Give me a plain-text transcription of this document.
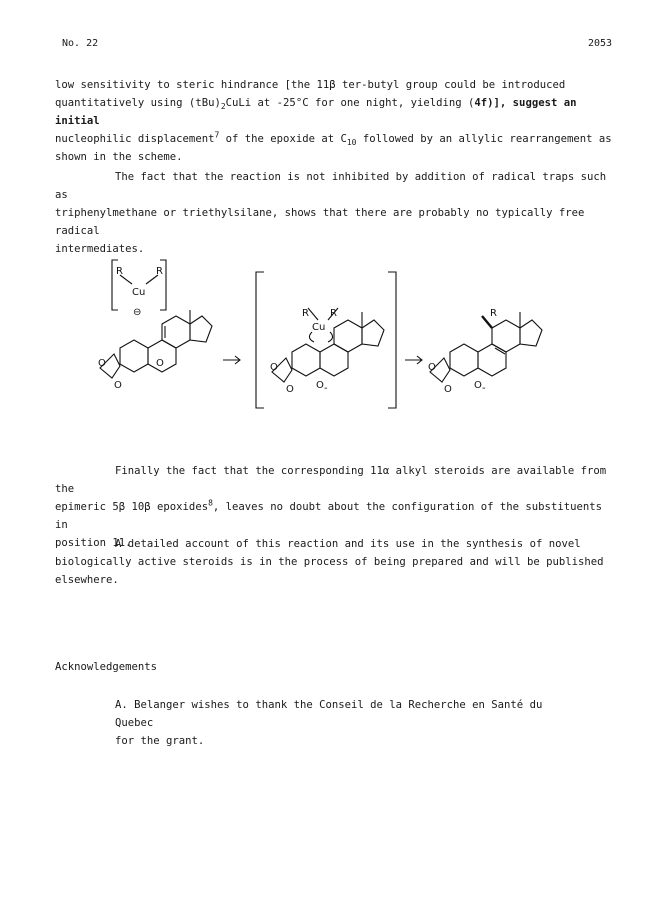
No. 22	2053
low sensitivity to steric hindrance [the 11β ter-butyl group could be introduced
quantitatively using $(tBu)_2CuLi$ at -25°C for one night, yielding (4f)], suggest an initial
nucleophilic displacement$^7$ of the epoxide at $C_{10}$ followed by an allylic rearrangement as
shown in the scheme.
The fact that the reaction is not inhibited by addition of radical traps such as
triphenylmethane or triethylsilane, shows that there are probably no typically free radical
intermediates.
R	R
Cu
⊖
O
O
O
R R
Cu
O
O O -
R
O
O O -
Finally the fact that the corresponding 11α alkyl steroids are available from the
epimeric 5β 10β epoxides$^8$, leaves no doubt about the configuration of the substituents in
position 11.
A detailed account of this reaction and its use in the synthesis of novel
biologically active steroids is in the process of being prepared and will be published
elsewhere.
Acknowledgements
A. Belanger wishes to thank the Conseil de la Recherche en Santé du Quebec
for the grant.
